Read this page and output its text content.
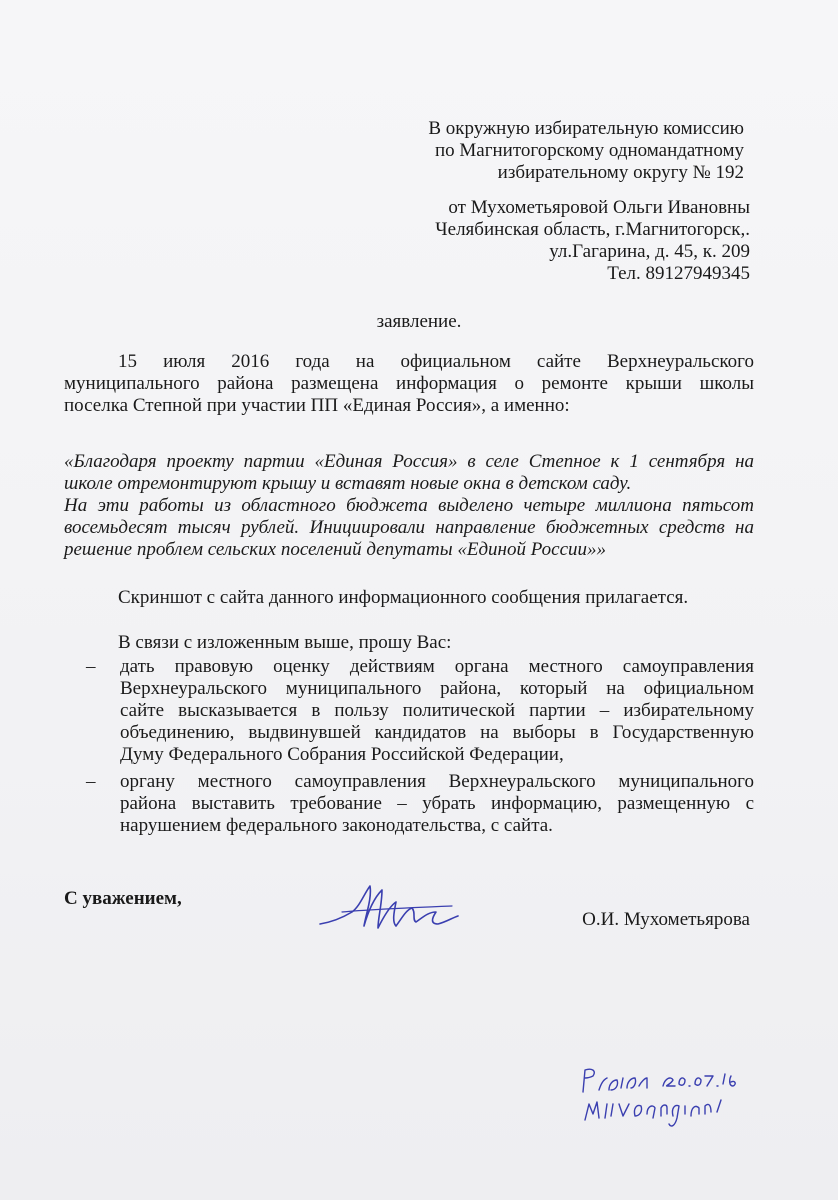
В окружную избирательную комиссию
по Магнитогорскому одномандатному
избирательному округу № 192
от Мухометьяровой Ольги Ивановны
Челябинская область, г.Магнитогорск,.
ул.Гагарина, д. 45, к. 209
Тел. 89127949345
заявление.
15 июля 2016 года на официальном сайте Верхнеуральского
муниципального района размещена информация о ремонте крыши школы
поселка Степной при участии ПП «Единая Россия», а именно:
«Благодаря проекту партии «Единая Россия» в селе Степное к 1 сентября на
школе отремонтируют крышу и вставят новые окна в детском саду.
На эти работы из областного бюджета выделено четыре миллиона пятьсот
восемьдесят тысяч рублей. Инициировали направление бюджетных средств на
решение проблем сельских поселений депутаты «Единой России»»
Скриншот с сайта данного информационного сообщения прилагается.
В связи с изложенным выше, прошу Вас:
– дать правовую оценку действиям органа местного самоуправления
Верхнеуральского муниципального района, который на официальном
сайте высказывается в пользу политической партии – избирательному
объединению, выдвинувшей кандидатов на выборы в Государственную
Думу Федерального Собрания Российской Федерации,
– органу местного самоуправления Верхнеуральского муниципального
района выставить требование – убрать информацию, размещенную с
нарушением федерального законодательства, с сайта.
С уважением,
О.И. Мухометьярова
